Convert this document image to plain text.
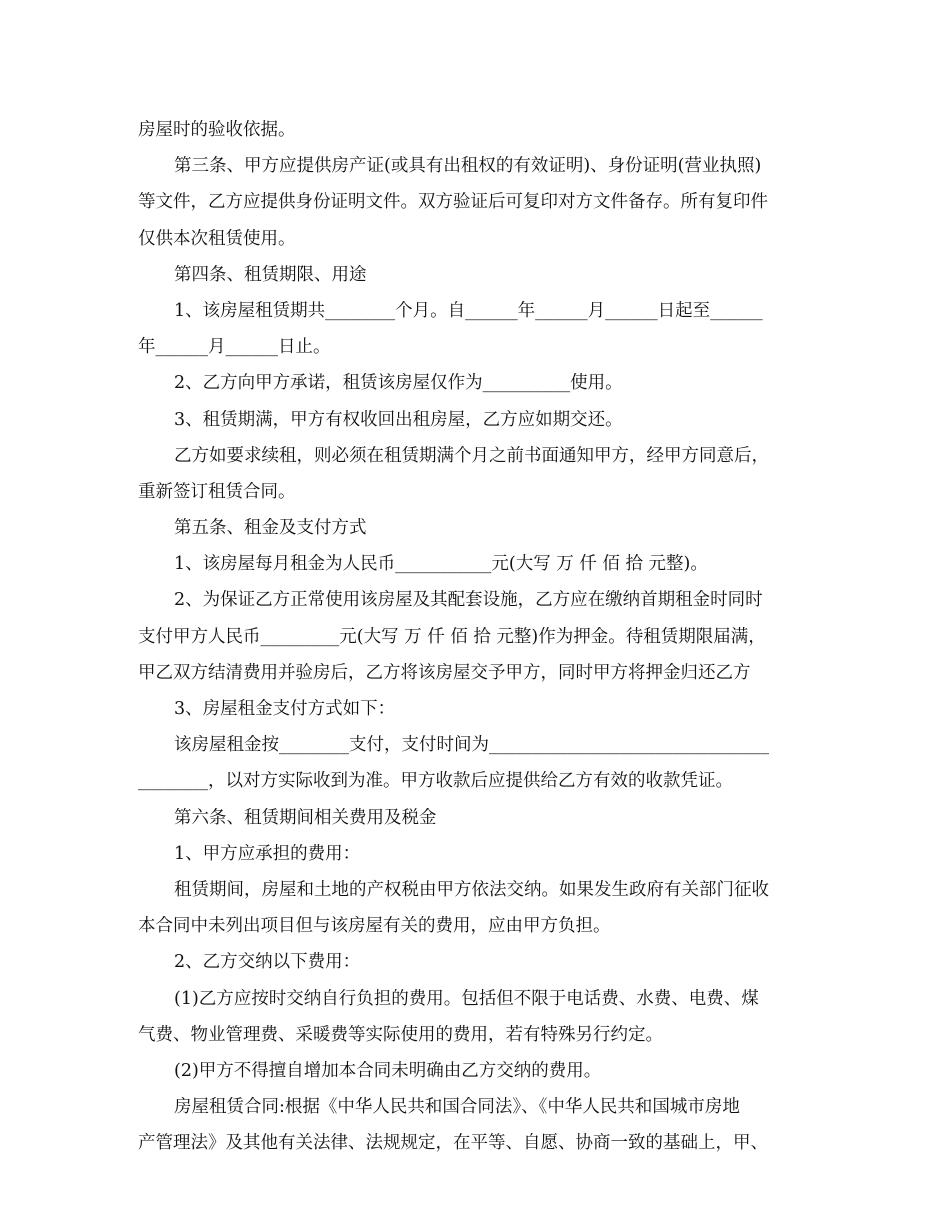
房屋时的验收依据。
第三条、甲方应提供房产证(或具有出租权的有效证明)、身份证明(营业执照)
等文件，乙方应提供身份证明文件。双方验证后可复印对方文件备存。所有复印件
仅供本次租赁使用。
第四条、租赁期限、用途
1、该房屋租赁期共________个月。自______年______月______日起至______
年______月______日止。
2、乙方向甲方承诺，租赁该房屋仅作为__________使用。
3、租赁期满，甲方有权收回出租房屋，乙方应如期交还。
乙方如要求续租，则必须在租赁期满个月之前书面通知甲方，经甲方同意后，
重新签订租赁合同。
第五条、租金及支付方式
1、该房屋每月租金为人民币___________元(大写 万 仟 佰 拾 元整)。
2、为保证乙方正常使用该房屋及其配套设施，乙方应在缴纳首期租金时同时
支付甲方人民币_________元(大写 万 仟 佰 拾 元整)作为押金。待租赁期限届满，
甲乙双方结清费用并验房后，乙方将该房屋交予甲方，同时甲方将押金归还乙方
3、房屋租金支付方式如下：
该房屋租金按________支付，支付时间为________________________________
________，以对方实际收到为准。甲方收款后应提供给乙方有效的收款凭证。
第六条、租赁期间相关费用及税金
1、甲方应承担的费用：
租赁期间，房屋和土地的产权税由甲方依法交纳。如果发生政府有关部门征收
本合同中未列出项目但与该房屋有关的费用，应由甲方负担。
2、乙方交纳以下费用：
(1)乙方应按时交纳自行负担的费用。包括但不限于电话费、水费、电费、煤
气费、物业管理费、采暖费等实际使用的费用，若有特殊另行约定。
(2)甲方不得擅自增加本合同未明确由乙方交纳的费用。
房屋租赁合同:根据《中华人民共和国合同法》、《中华人民共和国城市房地
产管理法》及其他有关法律、法规规定，在平等、自愿、协商一致的基础上，甲、
